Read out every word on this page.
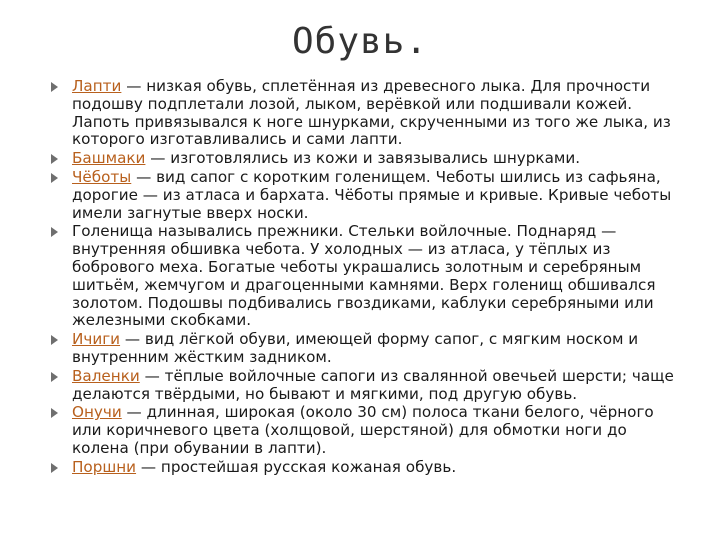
Обувь.
Лапти — низкая обувь, сплетённая из древесного лыка. Для прочности подошву подплетали лозой, лыком, верёвкой или подшивали кожей. Лапоть привязывался к ноге шнурками, скрученными из того же лыка, из которого изготавливались и сами лапти.
Башмаки — изготовлялись из кожи и завязывались шнурками.
Чёботы — вид сапог с коротким голенищем. Чеботы шились из сафьяна, дорогие — из атласа и бархата. Чёботы прямые и кривые. Кривые чеботы имели загнутые вверх носки.
Голенища назывались прежники. Стельки войлочные. Поднаряд — внутренняя обшивка чебота. У холодных — из атласа, у тёплых из бобрового меха. Богатые чеботы украшались золотным и серебряным шитьём, жемчугом и драгоценными камнями. Верх голенищ обшивался золотом. Подошвы подбивались гвоздиками, каблуки серебряными или железными скобками.
Ичиги — вид лёгкой обуви, имеющей форму сапог, с мягким носком и внутренним жёстким задником.
Валенки — тёплые войлочные сапоги из свалянной овечьей шерсти; чаще делаются твёрдыми, но бывают и мягкими, под другую обувь.
Онучи — длинная, широкая (около 30 см) полоса ткани белого, чёрного или коричневого цвета (холщовой, шерстяной) для обмотки ноги до колена (при обувании в лапти).
Поршни — простейшая русская кожаная обувь.
